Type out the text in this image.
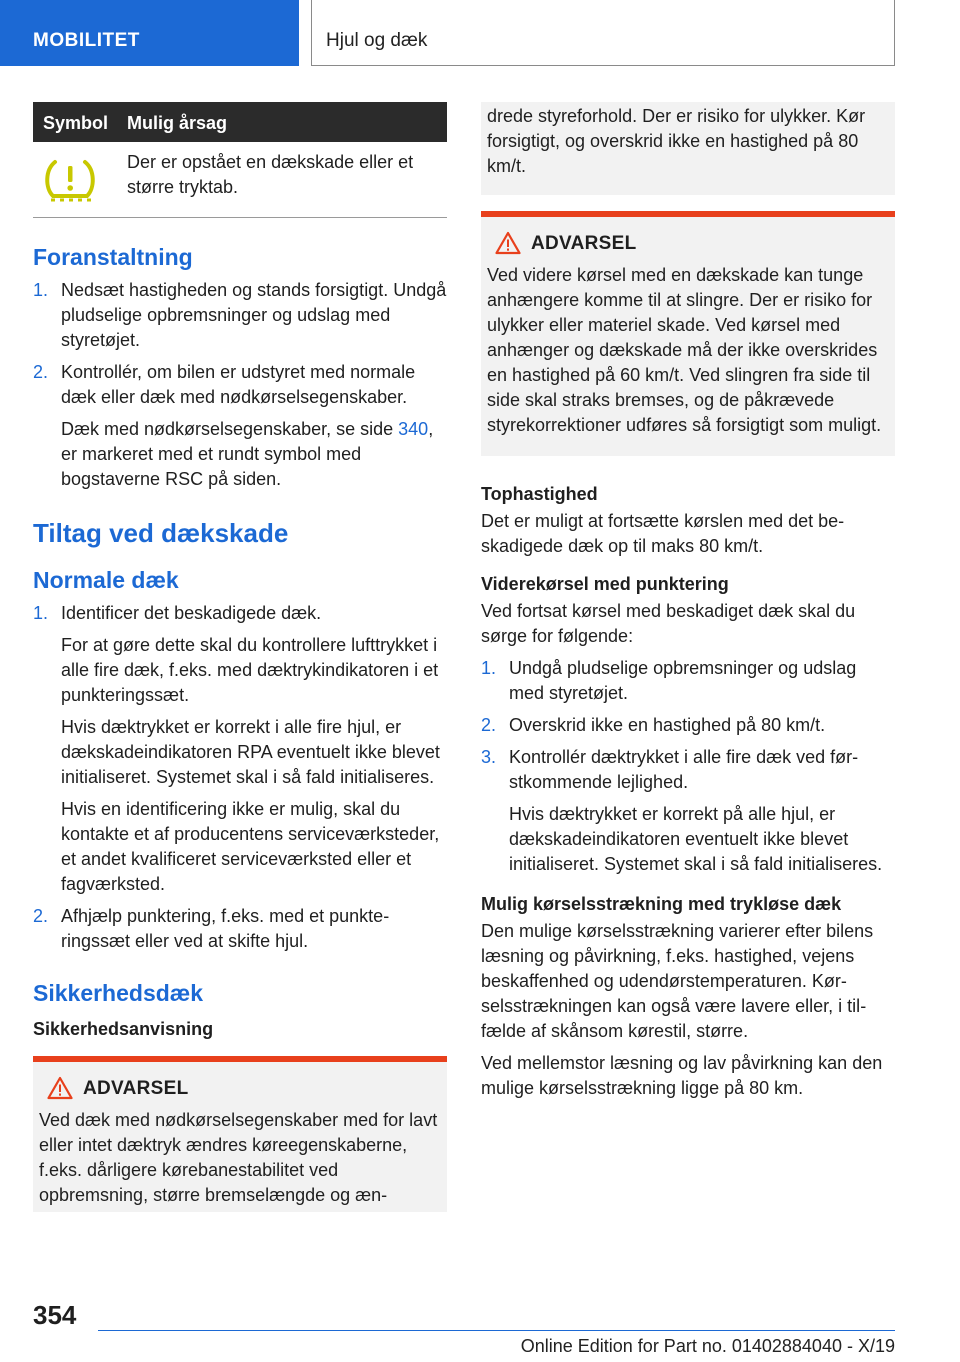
MOBILITET	Hjul og dæk
Symbol Mulig årsag
Der er opstået en dækskade eller et større tryktab.
Foranstaltning
1. Nedsæt hastigheden og stands forsigtigt. Undgå pludselige opbremsninger og udslag med styretøjet.
2. Kontrollér, om bilen er udstyret med normale dæk eller dæk med nødkørselsegenskaber.

Dæk med nødkørselsegenskaber, se side 340, er markeret med et rundt symbol med bogstaverne RSC på siden.

Tiltag ved dækskade
Normale dæk
1. Identificer det beskadigede dæk.

For at gøre dette skal du kontrollere lufttrykket i alle fire dæk, f.eks. med dæktrykindikatoren i et punkteringssæt.

Hvis dæktrykket er korrekt i alle fire hjul, er dækskadeindikatoren RPA eventuelt ikke blevet initialiseret. Systemet skal i så fald initialiseres.

Hvis en identificering ikke er mulig, skal du kontakte et af producentens serviceværksteder, et andet kvalificeret serviceværksted eller et fagværksted.

2. Afhjælp punktering, f.eks. med et punkteringssæt eller ved at skifte hjul.
Sikkerhedsdæk
Sikkerhedsanvisning
ADVARSEL

Ved dæk med nødkørselsegenskaber med for lavt eller intet dæktryk ændres køreegenskaberne, f.eks. dårligere kørebanestabilitet ved opbremsning, større bremselængde og æn-

drede styreforhold. Der er risiko for ulykker. Kør forsigtigt, og overskrid ikke en hastighed på 80 km/t.

ADVARSEL

Ved videre kørsel med en dækskade kan tunge anhængere komme til at slingre. Der er risiko for ulykker eller materiel skade. Ved kørsel med anhænger og dækskade må der ikke overskrides en hastighed på 60 km/t. Ved slingren fra side til side skal straks bremses, og de påkrævede styrekorrektioner udføres så forsigtigt som muligt.

Tophastighed

Det er muligt at fortsætte kørslen med det beskadigede dæk op til maks 80 km/t.

Viderekørsel med punktering

Ved fortsat kørsel med beskadiget dæk skal du sørge for følgende:

1. Undgå pludselige opbremsninger og udslag med styretøjet.
2. Overskrid ikke en hastighed på 80 km/t.
3. Kontrollér dæktrykket i alle fire dæk ved førstkommende lejlighed.

Hvis dæktrykket er korrekt på alle hjul, er dækskadeindikatoren eventuelt ikke blevet initialiseret. Systemet skal i så fald initialiseres.

Mulig kørselsstrækning med trykløse dæk

Den mulige kørselsstrækning varierer efter bilens læsning og påvirkning, f.eks. hastighed, vejens beskaffenhed og udendørstemperaturen. Kørselsstrækningen kan også være lavere eller, i tilfælde af skånsom kørestil, større.

Ved mellemstor læsning og lav påvirkning kan den mulige kørselsstrækning ligge på 80 km.

354
Online Edition for Part no. 01402884040 - X/19
